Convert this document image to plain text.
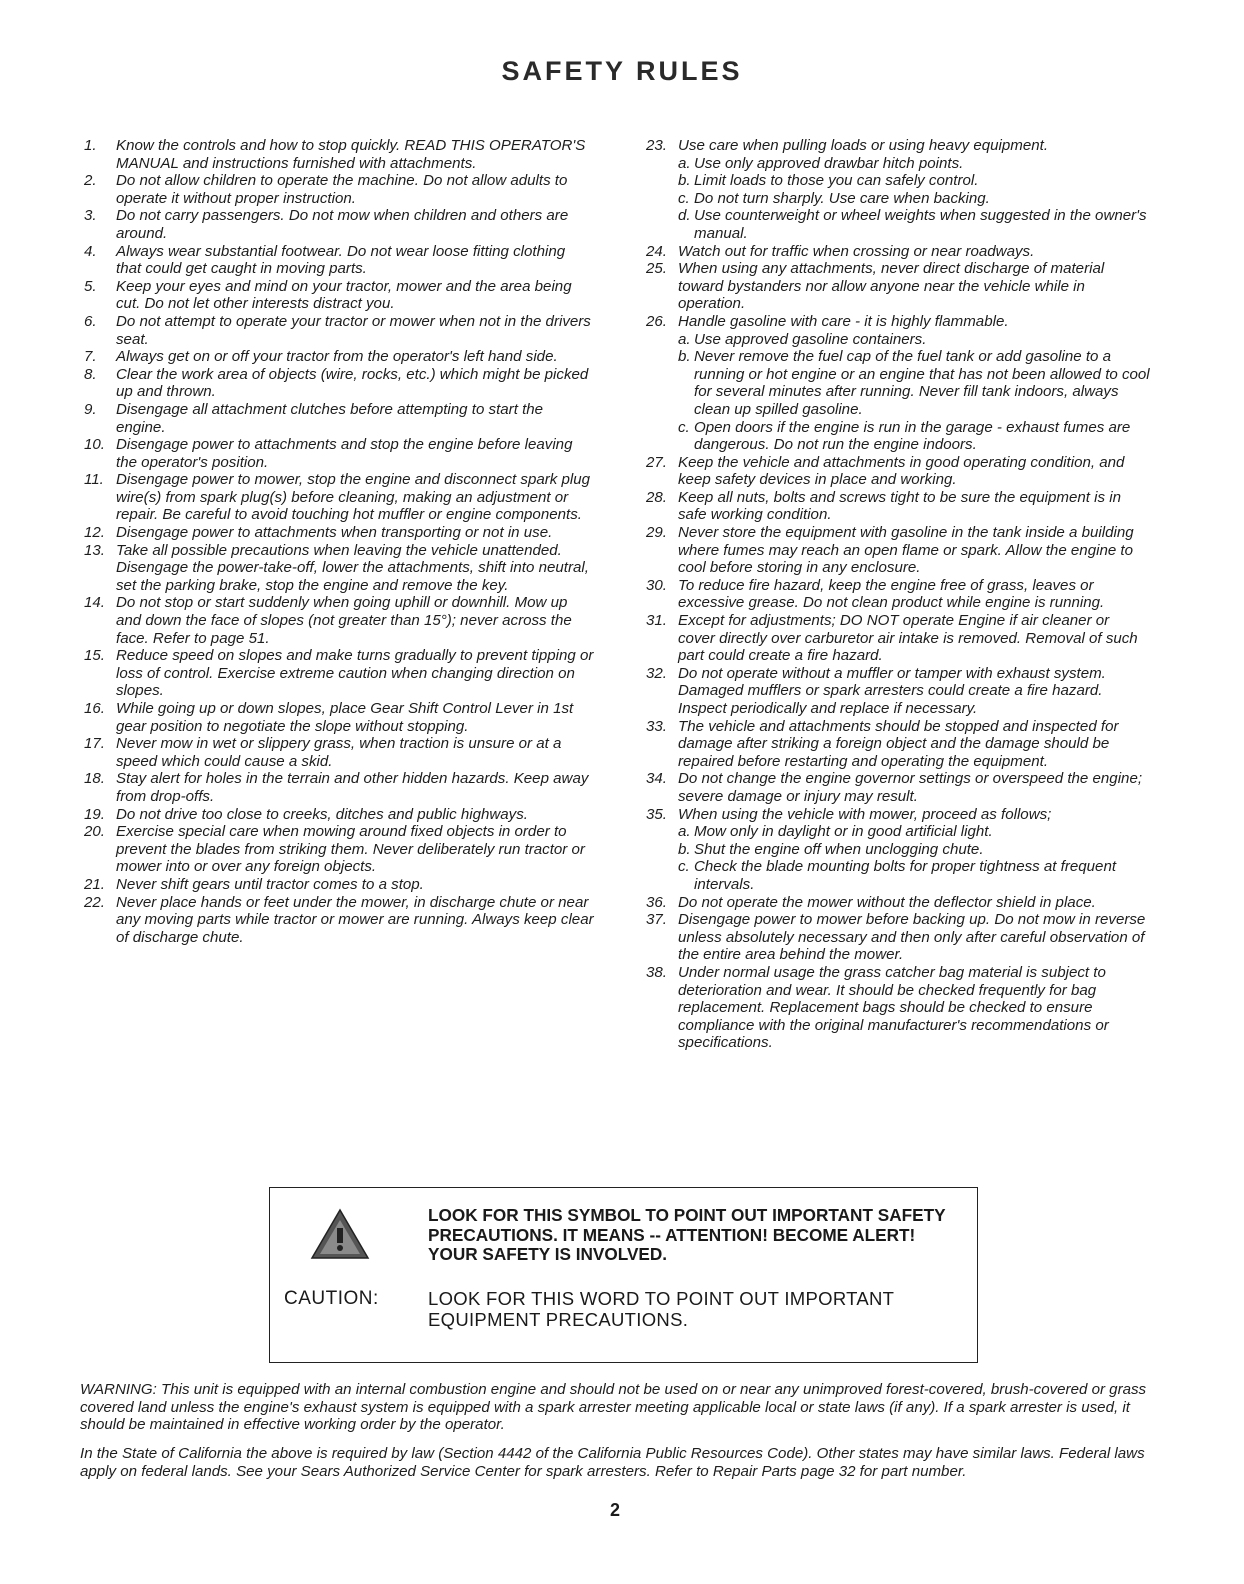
SAFETY RULES
1.	Know the controls and how to stop quickly. READ THIS OPERATOR'S MANUAL and instructions furnished with attachments.
2.	Do not allow children to operate the machine. Do not allow adults to operate it without proper instruction.
3.	Do not carry passengers. Do not mow when children and others are around.
4.	Always wear substantial footwear. Do not wear loose fitting clothing that could get caught in moving parts.
5.	Keep your eyes and mind on your tractor, mower and the area being cut. Do not let other interests distract you.
6.	Do not attempt to operate your tractor or mower when not in the drivers seat.
7.	Always get on or off your tractor from the operator's left hand side.
8.	Clear the work area of objects (wire, rocks, etc.) which might be picked up and thrown.
9.	Disengage all attachment clutches before attempting to start the engine.
10. Disengage power to attachments and stop the engine before leaving the operator's position.
11. Disengage power to mower, stop the engine and disconnect spark plug wire(s) from spark plug(s) before cleaning, making an adjustment or repair. Be careful to avoid touching hot muffler or engine components.
12. Disengage power to attachments when transporting or not in use.
13. Take all possible precautions when leaving the vehicle unattended. Disengage the power-take-off, lower the attachments, shift into neutral, set the parking brake, stop the engine and remove the key.
14. Do not stop or start suddenly when going uphill or downhill. Mow up and down the face of slopes (not greater than 15°); never across the face. Refer to page 51.
15. Reduce speed on slopes and make turns gradually to prevent tipping or loss of control. Exercise extreme caution when changing direction on slopes.
16. While going up or down slopes, place Gear Shift Control Lever in 1st gear position to negotiate the slope without stopping.
17. Never mow in wet or slippery grass, when traction is unsure or at a speed which could cause a skid.
18. Stay alert for holes in the terrain and other hidden hazards. Keep away from drop-offs.
19. Do not drive too close to creeks, ditches and public highways.
20. Exercise special care when mowing around fixed objects in order to prevent the blades from striking them. Never deliberately run tractor or mower into or over any foreign objects.
21. Never shift gears until tractor comes to a stop.
22. Never place hands or feet under the mower, in discharge chute or near any moving parts while tractor or mower are running. Always keep clear of discharge chute.
23. Use care when pulling loads or using heavy equipment.
a. Use only approved drawbar hitch points.
b. Limit loads to those you can safely control.
c. Do not turn sharply. Use care when backing.
d. Use counterweight or wheel weights when suggested in the owner's manual.
24. Watch out for traffic when crossing or near roadways.
25. When using any attachments, never direct discharge of material toward bystanders nor allow anyone near the vehicle while in operation.
26. Handle gasoline with care - it is highly flammable.
a. Use approved gasoline containers.
b. Never remove the fuel cap of the fuel tank or add gasoline to a running or hot engine or an engine that has not been allowed to cool for several minutes after running. Never fill tank indoors, always clean up spilled gasoline.
c. Open doors if the engine is run in the garage - exhaust fumes are dangerous. Do not run the engine indoors.
27. Keep the vehicle and attachments in good operating condition, and keep safety devices in place and working.
28. Keep all nuts, bolts and screws tight to be sure the equipment is in safe working condition.
29. Never store the equipment with gasoline in the tank inside a building where fumes may reach an open flame or spark. Allow the engine to cool before storing in any enclosure.
30. To reduce fire hazard, keep the engine free of grass, leaves or excessive grease. Do not clean product while engine is running.
31. Except for adjustments; DO NOT operate Engine if air cleaner or cover directly over carburetor air intake is removed. Removal of such part could create a fire hazard.
32. Do not operate without a muffler or tamper with exhaust system. Damaged mufflers or spark arresters could create a fire hazard. Inspect periodically and replace if necessary.
33. The vehicle and attachments should be stopped and inspected for damage after striking a foreign object and the damage should be repaired before restarting and operating the equipment.
34. Do not change the engine governor settings or overspeed the engine; severe damage or injury may result.
35. When using the vehicle with mower, proceed as follows;
a. Mow only in daylight or in good artificial light.
b. Shut the engine off when unclogging chute.
c. Check the blade mounting bolts for proper tightness at frequent intervals.
36. Do not operate the mower without the deflector shield in place.
37. Disengage power to mower before backing up. Do not mow in reverse unless absolutely necessary and then only after careful observation of the entire area behind the mower.
38. Under normal usage the grass catcher bag material is subject to deterioration and wear. It should be checked frequently for bag replacement. Replacement bags should be checked to ensure compliance with the original manufacturer's recommendations or specifications.
LOOK FOR THIS SYMBOL TO POINT OUT IMPORTANT SAFETY PRECAUTIONS. IT MEANS -- ATTENTION! BECOME ALERT! YOUR SAFETY IS INVOLVED.
CAUTION:	LOOK FOR THIS WORD TO POINT OUT IMPORTANT EQUIPMENT PRECAUTIONS.
WARNING: This unit is equipped with an internal combustion engine and should not be used on or near any unimproved forest-covered, brush-covered or grass covered land unless the engine's exhaust system is equipped with a spark arrester meeting applicable local or state laws (if any). If a spark arrester is used, it should be maintained in effective working order by the operator.
In the State of California the above is required by law (Section 4442 of the California Public Resources Code). Other states may have similar laws. Federal laws apply on federal lands. See your Sears Authorized Service Center for spark arresters. Refer to Repair Parts page 32 for part number.
2
